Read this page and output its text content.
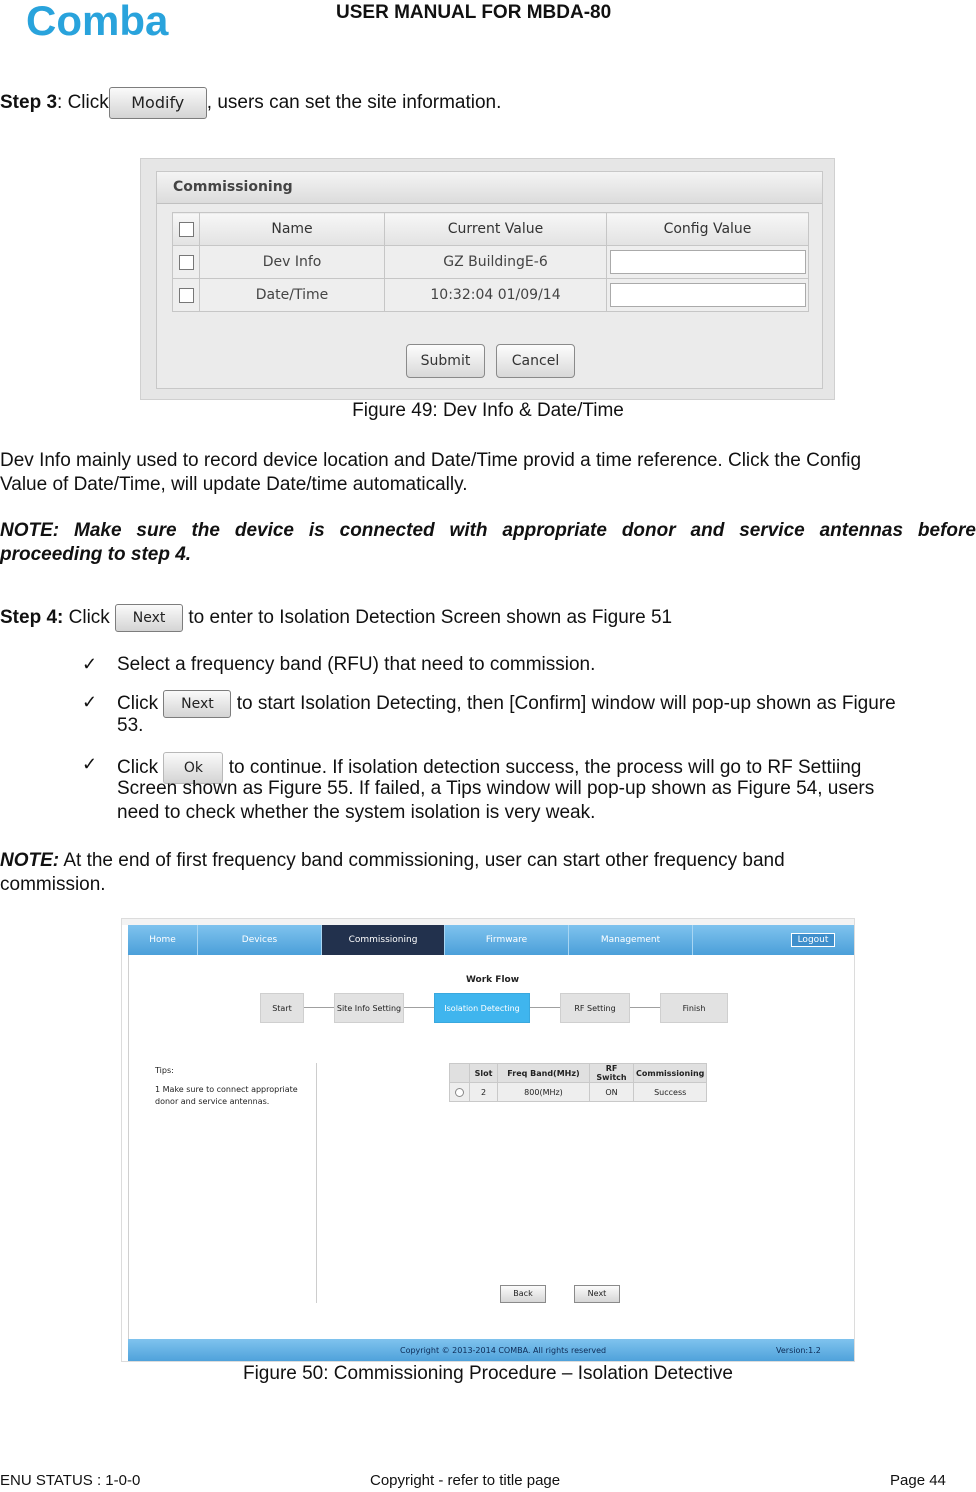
Comba	USER MANUAL FOR MBDA-80
Step 3: Click Modify , users can set the site information.
Commissioning
	Name	Current Value	Config Value
	Dev Info	GZ BuildingE-6	
	Date/Time	10:32:04 01/09/14	
Submit	Cancel
Figure 49: Dev Info & Date/Time
Dev Info mainly used to record device location and Date/Time provid a time reference. Click the Config
Value of Date/Time, will update Date/time automatically.
NOTE: Make sure the device is connected with appropriate donor and service antennas before
proceeding to step 4.
Step 4: Click Next to enter to Isolation Detection Screen shown as Figure 51
✓ Select a frequency band (RFU) that need to commission.
✓ Click Next to start Isolation Detecting, then [Confirm] window will pop-up shown as Figure
53.
✓ Click Ok to continue. If isolation detection success, the process will go to RF Settiing
Screen shown as Figure 55. If failed, a Tips window will pop-up shown as Figure 54, users
need to check whether the system isolation is very weak.
NOTE: At the end of first frequency band commissioning, user can start other frequency band
commission.
Home	Devices	Commissioning	Firmware	Management	Logout
Work Flow
Start	Site Info Setting	Isolation Detecting	RF Setting	Finish
Tips:
1 Make sure to connect appropriate
donor and service antennas.
	Slot	Freq Band(MHz)	RF Switch	Commissioning
	2	800(MHz)	ON	Success
Back	Next
Copyright © 2013-2014 COMBA. All rights reserved	Version:1.2
Figure 50: Commissioning Procedure – Isolation Detective
ENU STATUS : 1-0-0	Copyright - refer to title page	Page 44
